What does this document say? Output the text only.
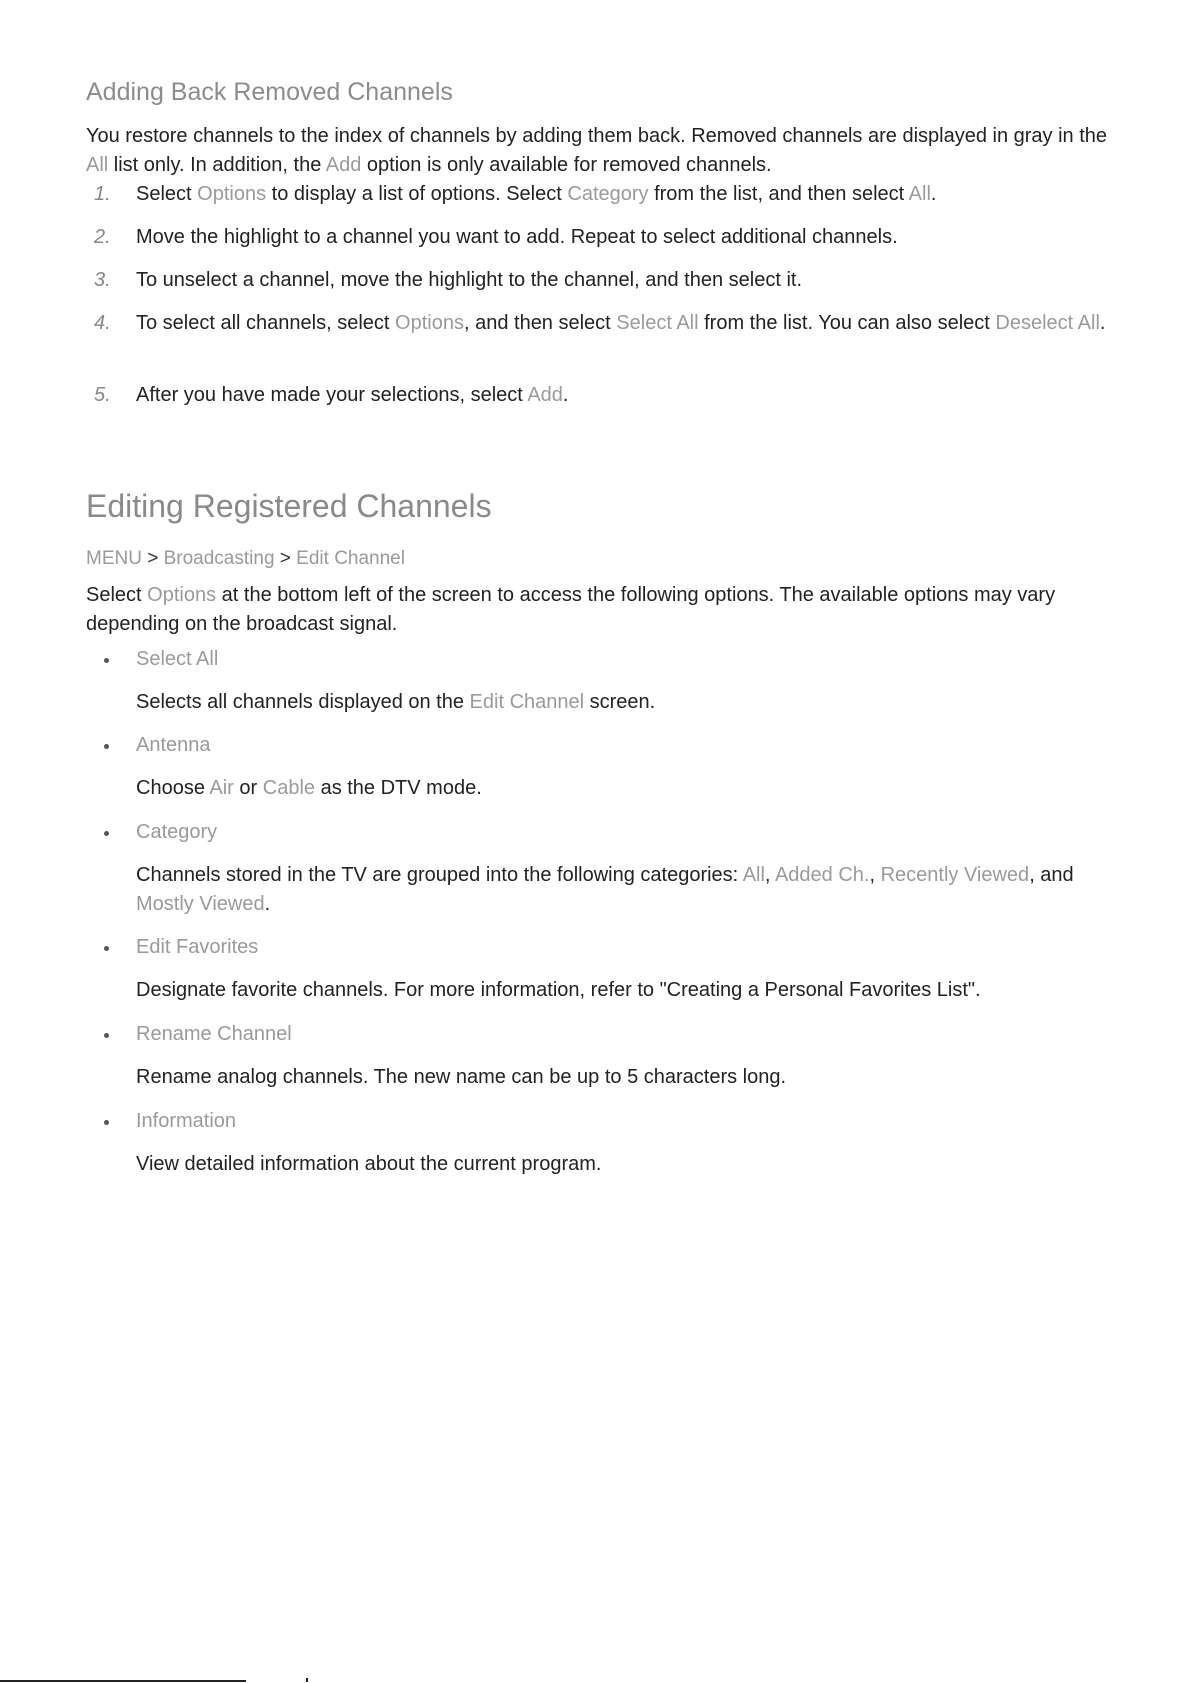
Adding Back Removed Channels

You restore channels to the index of channels by adding them back. Removed channels are displayed in gray in the All list only. In addition, the Add option is only available for removed channels.

1. Select Options to display a list of options. Select Category from the list, and then select All.
2. Move the highlight to a channel you want to add. Repeat to select additional channels.
3. To unselect a channel, move the highlight to the channel, and then select it.
4. To select all channels, select Options, and then select Select All from the list. You can also select Deselect All.
5. After you have made your selections, select Add.
Editing Registered Channels
MENU > Broadcasting > Edit Channel

Select Options at the bottom left of the screen to access the following options. The available options may vary depending on the broadcast signal.

Select All
Selects all channels displayed on the Edit Channel screen.
Antenna
Choose Air or Cable as the DTV mode.
Category
Channels stored in the TV are grouped into the following categories: All, Added Ch., Recently Viewed, and Mostly Viewed.
Edit Favorites
Designate favorite channels. For more information, refer to "Creating a Personal Favorites List".
Rename Channel
Rename analog channels. The new name can be up to 5 characters long.
Information
View detailed information about the current program.
